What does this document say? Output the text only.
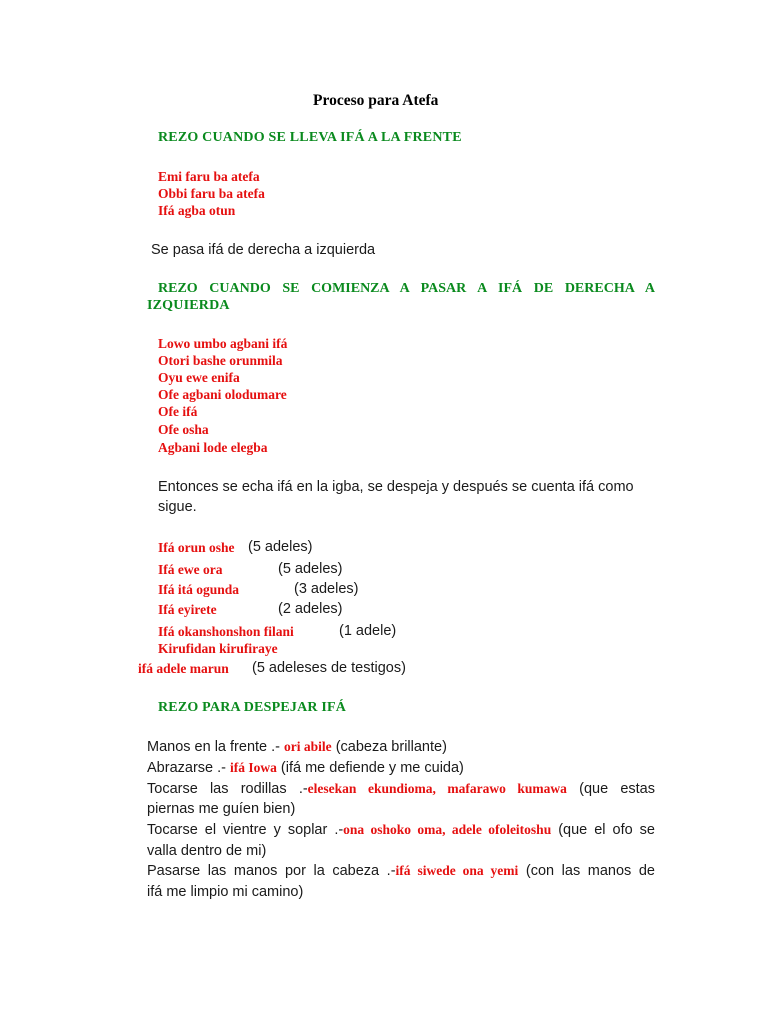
Proceso para Atefa
REZO CUANDO SE LLEVA IFÁ A LA FRENTE
Emi faru ba atefa
Obbi faru ba atefa
Ifá agba otun
Se pasa ifá de derecha a izquierda
REZO CUANDO SE COMIENZA A PASAR A IFÁ DE DERECHA A
IZQUIERDA
Lowo umbo agbani ifá
Otori bashe orunmila
Oyu ewe enifa
Ofe agbani olodumare
Ofe ifá
Ofe osha
Agbani lode elegba
Entonces se echa ifá en la igba, se despeja y después se cuenta ifá como
sigue.
Ifá orun oshe (5 adeles)
Ifá ewe ora	(5 adeles)
Ifá itá ogunda	(3 adeles)
Ifá eyirete	(2 adeles)
Ifá okanshonshon filani	(1 adele)
Kirufidan kirufiraye
ifá adele marun (5 adeleses de testigos)
REZO PARA DESPEJAR IFÁ
Manos en la frente .- ori abile (cabeza brillante)
Abrazarse .- ifá Iowa (ifá me defiende y me cuida)
Tocarse las rodillas .-elesekan ekundioma, mafarawo kumawa (que estas
piernas me guíen bien)
Tocarse el vientre y soplar .-ona oshoko oma, adele ofoleitoshu (que el ofo se
valla dentro de mi)
Pasarse las manos por la cabeza .-ifá siwede ona yemi (con las manos de
ifá me limpio mi camino)
